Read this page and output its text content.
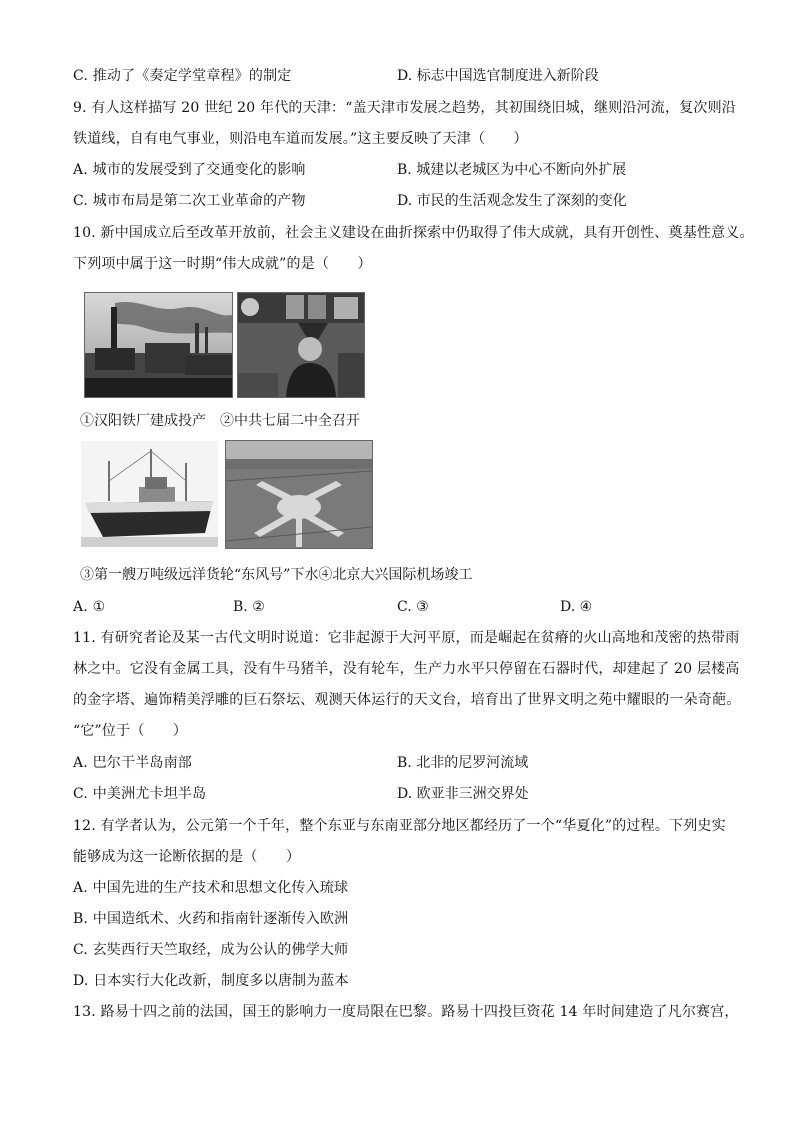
C. 推动了《奏定学堂章程》的制定	D. 标志中国选官制度进入新阶段
9. 有人这样描写 20 世纪 20 年代的天津：“盖天津市发展之趋势，其初围绕旧城，继则沿河流，复次则沿
铁道线，自有电气事业，则沿电车道而发展。”这主要反映了天津（　　）
A. 城市的发展受到了交通变化的影响	B. 城建以老城区为中心不断向外扩展
C. 城市布局是第二次工业革命的产物	D. 市民的生活观念发生了深刻的变化
10. 新中国成立后至改革开放前，社会主义建设在曲折探索中仍取得了伟大成就，具有开创性、奠基性意义。
下列项中属于这一时期“伟大成就”的是（　　）
①汉阳铁厂建成投产　②中共七届二中全召开
③第一艘万吨级远洋货轮“东风号”下水④北京大兴国际机场竣工
A. ①	B. ②	C. ③	D. ④
11. 有研究者论及某一古代文明时说道：它非起源于大河平原，而是崛起在贫瘠的火山高地和茂密的热带雨
林之中。它没有金属工具，没有牛马猪羊，没有轮车，生产力水平只停留在石器时代，却建起了 20 层楼高
的金字塔、遍饰精美浮雕的巨石祭坛、观测天体运行的天文台，培育出了世界文明之苑中耀眼的一朵奇葩。
“它”位于（　　）
A. 巴尔干半岛南部	B. 北非的尼罗河流域
C. 中美洲尤卡坦半岛	D. 欧亚非三洲交界处
12. 有学者认为，公元第一个千年，整个东亚与东南亚部分地区都经历了一个“华夏化”的过程。下列史实
能够成为这一论断依据的是（　　）
A. 中国先进的生产技术和思想文化传入琉球
B. 中国造纸术、火药和指南针逐渐传入欧洲
C. 玄奘西行天竺取经，成为公认的佛学大师
D. 日本实行大化改新，制度多以唐制为蓝本
13. 路易十四之前的法国，国王的影响力一度局限在巴黎。路易十四投巨资花 14 年时间建造了凡尔赛宫，
